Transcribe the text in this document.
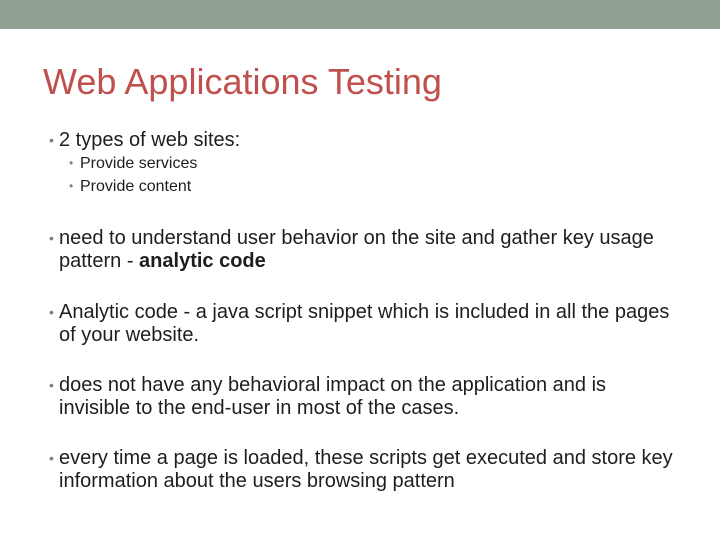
Web Applications Testing
• 2 types of web sites:
• Provide services
• Provide content
• need to understand user behavior on the site and gather key usage pattern - analytic code
• Analytic code - a java script snippet which is included in all the pages of your website.
• does not have any behavioral impact on the application and is invisible to the end-user in most of the cases.
• every time a page is loaded, these scripts get executed and store key information about the users browsing pattern
